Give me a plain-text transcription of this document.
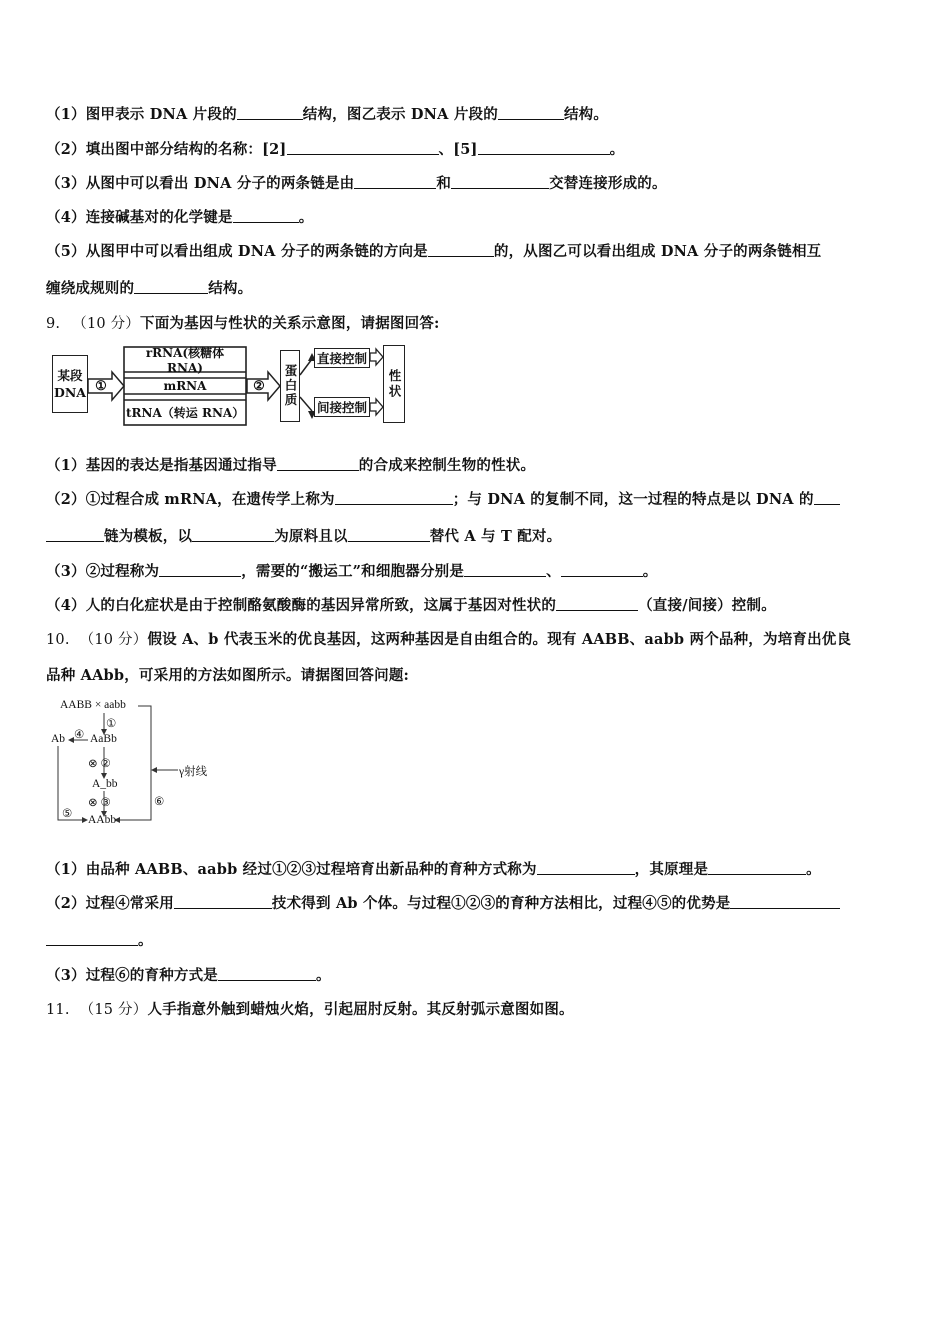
（1）图甲表示 DNA 片段的	结构，图乙表示 DNA 片段的	结构。
（2）填出图中部分结构的名称：[2]	、[5]	。
（3）从图中可以看出 DNA 分子的两条链是由	和	交替连接形成的。
（4）连接碱基对的化学键是	。
（5）从图甲中可以看出组成 DNA 分子的两条链的方向是	的，从图乙可以看出组成 DNA 分子的两条链相互
缠绕成规则的	结构。
9. （10 分）下面为基因与性状的关系示意图，请据图回答:
某段DNA ①
rRNA(核糖体 RNA)
mRNA
tRNA（转运 RNA）
②	蛋白质
直接控制
间接控制
性状
（1）基因的表达是指基因通过指导	的合成来控制生物的性状。
（2）①过程合成 mRNA，在遗传学上称为	；与 DNA 的复制不同，这一过程的特点是以 DNA 的
链为模板，以	为原料且以	替代 A 与 T 配对。
（3）②过程称为	，需要的“搬运工”和细胞器分别是	、	。
（4）人的白化症状是由于控制酪氨酸酶的基因异常所致，这属于基因对性状的	（直接/间接）控制。
10. （10 分）假设 A、b 代表玉米的优良基因，这两种基因是自由组合的。现有 AABB、aabb 两个品种，为培育出优良
品种 AAbb，可采用的方法如图所示。请据图回答问题:
AABB × aabb
①
AaBb
Ab ④
⊗ ②
A_bb
⊗ ③
AAbb
⑤
⑥
γ射线
（1）由品种 AABB、aabb 经过①②③过程培育出新品种的育种方式称为	，其原理是	。
（2）过程④常采用	技术得到 Ab 个体。与过程①②③的育种方法相比，过程④⑤的优势是
。
（3）过程⑥的育种方式是	。
11. （15 分）人手指意外触到蜡烛火焰，引起屈肘反射。其反射弧示意图如图。
